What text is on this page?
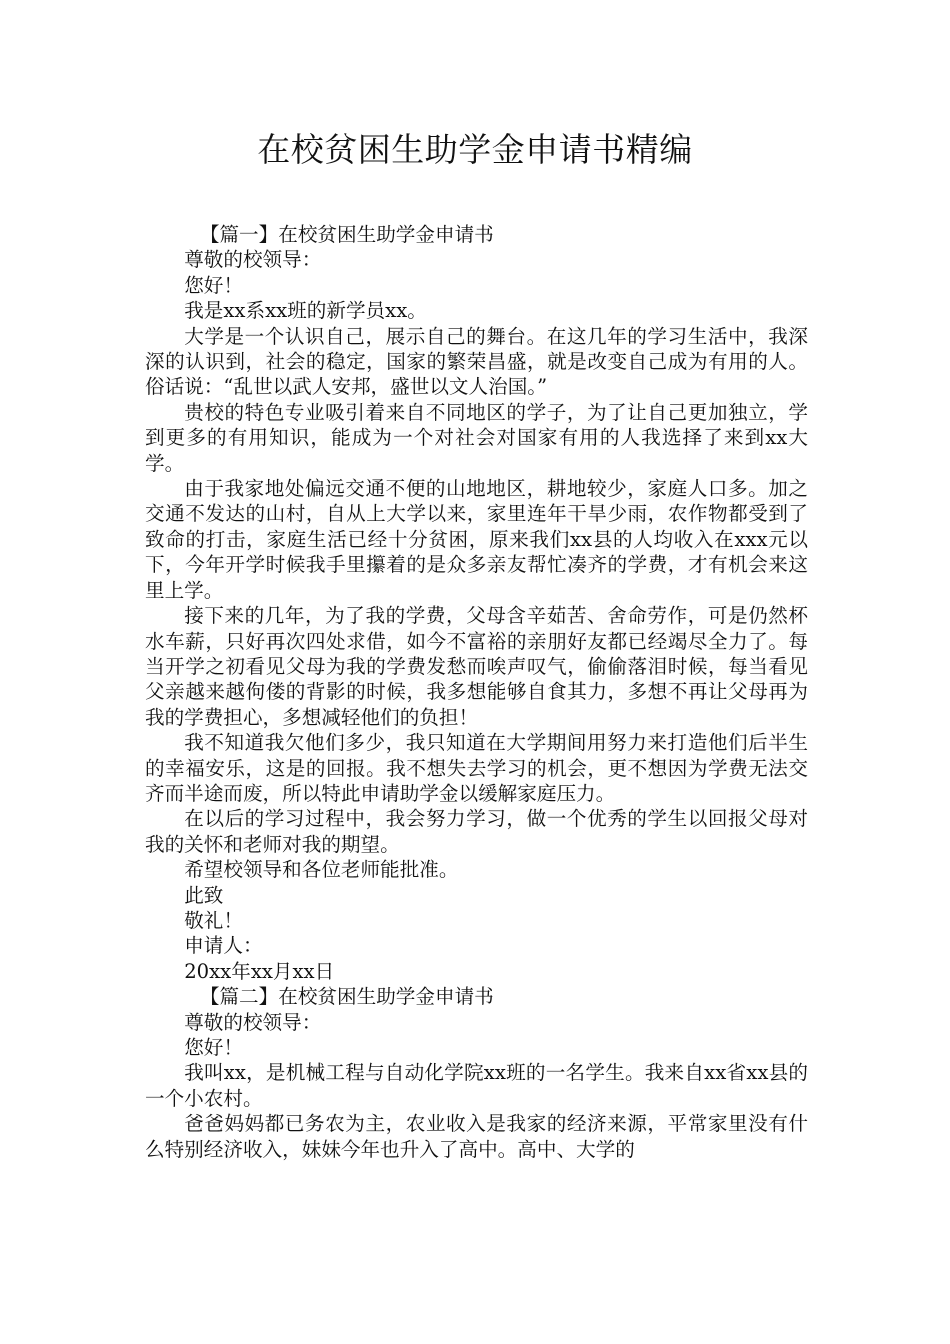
在校贫困生助学金申请书精编

【篇一】在校贫困生助学金申请书

尊敬的校领导：

您好！

我是xx系xx班的新学员xx。

大学是一个认识自己，展示自己的舞台。在这几年的学习生活中，我深深的认识到，社会的稳定，国家的繁荣昌盛，就是改变自己成为有用的人。俗话说：“乱世以武人安邦，盛世以文人治国。”

贵校的特色专业吸引着来自不同地区的学子，为了让自己更加独立，学到更多的有用知识，能成为一个对社会对国家有用的人我选择了来到xx大学。

由于我家地处偏远交通不便的山地地区，耕地较少，家庭人口多。加之交通不发达的山村，自从上大学以来，家里连年干旱少雨，农作物都受到了致命的打击，家庭生活已经十分贫困，原来我们xx县的人均收入在xxx元以下，今年开学时候我手里攥着的是众多亲友帮忙凑齐的学费，才有机会来这里上学。

接下来的几年，为了我的学费，父母含辛茹苦、舍命劳作，可是仍然杯水车薪，只好再次四处求借，如今不富裕的亲朋好友都已经竭尽全力了。每当开学之初看见父母为我的学费发愁而唉声叹气，偷偷落泪时候，每当看见父亲越来越佝偻的背影的时候，我多想能够自食其力，多想不再让父母再为我的学费担心，多想减轻他们的负担！

我不知道我欠他们多少，我只知道在大学期间用努力来打造他们后半生的幸福安乐，这是的回报。我不想失去学习的机会，更不想因为学费无法交齐而半途而废，所以特此申请助学金以缓解家庭压力。

在以后的学习过程中，我会努力学习，做一个优秀的学生以回报父母对我的关怀和老师对我的期望。

希望校领导和各位老师能批准。

此致

敬礼！

申请人：

20xx年xx月xx日

【篇二】在校贫困生助学金申请书

尊敬的校领导：

您好！

我叫xx，是机械工程与自动化学院xx班的一名学生。我来自xx省xx县的一个小农村。

爸爸妈妈都已务农为主，农业收入是我家的经济来源，平常家里没有什么特别经济收入，妹妹今年也升入了高中。高中、大学的
